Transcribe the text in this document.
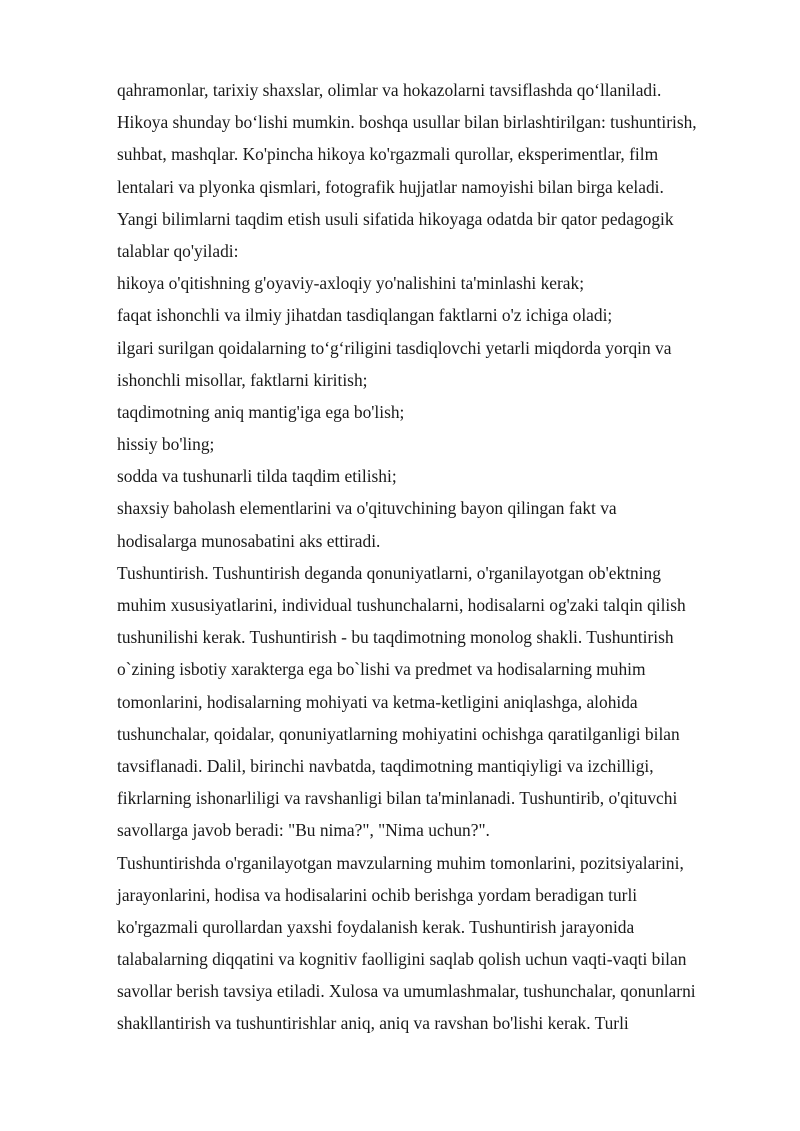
qahramonlar, tarixiy shaxslar, olimlar va hokazolarni tavsiflashda qo‘llaniladi.
Hikoya shunday bo‘lishi mumkin. boshqa usullar bilan birlashtirilgan: tushuntirish,
suhbat, mashqlar. Ko'pincha hikoya ko'rgazmali qurollar, eksperimentlar, film
lentalari va plyonka qismlari, fotografik hujjatlar namoyishi bilan birga keladi.
Yangi bilimlarni taqdim etish usuli sifatida hikoyaga odatda bir qator pedagogik
talablar qo'yiladi:
hikoya o'qitishning g'oyaviy-axloqiy yo'nalishini ta'minlashi kerak;
faqat ishonchli va ilmiy jihatdan tasdiqlangan faktlarni o'z ichiga oladi;
ilgari surilgan qoidalarning to‘g‘riligini tasdiqlovchi yetarli miqdorda yorqin va
ishonchli misollar, faktlarni kiritish;
taqdimotning aniq mantig'iga ega bo'lish;
hissiy bo'ling;
sodda va tushunarli tilda taqdim etilishi;
shaxsiy baholash elementlarini va o'qituvchining bayon qilingan fakt va
hodisalarga munosabatini aks ettiradi.
Tushuntirish. Tushuntirish deganda qonuniyatlarni, o'rganilayotgan ob'ektning
muhim xususiyatlarini, individual tushunchalarni, hodisalarni og'zaki talqin qilish
tushunilishi kerak. Tushuntirish - bu taqdimotning monolog shakli. Tushuntirish
o`zining isbotiy xarakterga ega bo`lishi va predmet va hodisalarning muhim
tomonlarini, hodisalarning mohiyati va ketma-ketligini aniqlashga, alohida
tushunchalar, qoidalar, qonuniyatlarning mohiyatini ochishga qaratilganligi bilan
tavsiflanadi. Dalil, birinchi navbatda, taqdimotning mantiqiyligi va izchilligi,
fikrlarning ishonarliligi va ravshanligi bilan ta'minlanadi. Tushuntirib, o'qituvchi
savollarga javob beradi: "Bu nima?", "Nima uchun?".
Tushuntirishda o'rganilayotgan mavzularning muhim tomonlarini, pozitsiyalarini,
jarayonlarini, hodisa va hodisalarini ochib berishga yordam beradigan turli
ko'rgazmali qurollardan yaxshi foydalanish kerak. Tushuntirish jarayonida
talabalarning diqqatini va kognitiv faolligini saqlab qolish uchun vaqti-vaqti bilan
savollar berish tavsiya etiladi. Xulosa va umumlashmalar, tushunchalar, qonunlarni
shakllantirish va tushuntirishlar aniq, aniq va ravshan bo'lishi kerak. Turli
